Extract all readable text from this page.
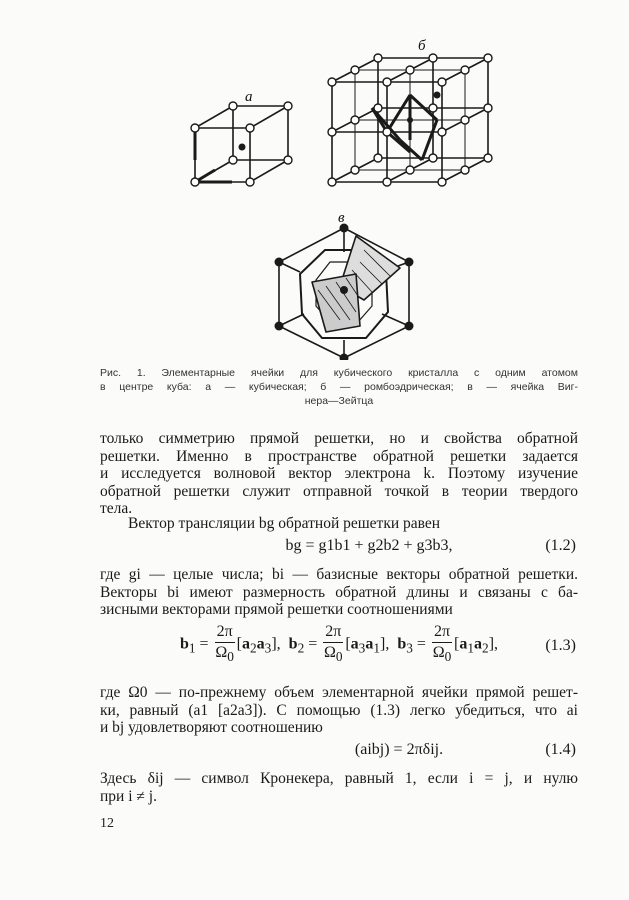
а
б
в
Рис. 1. Элементарные ячейки для кубического кристалла с одним атомом
в центре куба: а — кубическая; б — ромбоэдрическая; в — ячейка Виг-
нера—Зейтца
только симметрию прямой решетки, но и свойства обратной
решетки. Именно в пространстве обратной решетки задается
и исследуется волновой вектор электрона k. Поэтому изучение
обратной решетки служит отправной точкой в теории твердого
тела.
Вектор трансляции bg обратной решетки равен
bg = g1b1 + g2b2 + g3b3,	(1.2)
где gi — целые числа; bi — базисные векторы обратной решетки.
Векторы bi имеют размерность обратной длины и связаны с ба-
зисными векторами прямой решетки соотношениями
$b_1 = \frac{2\pi}{\Omega_0} [a_2a_3]$,  $b_2 = \frac{2\pi}{\Omega_0} [a_3a_1]$,  $b_3 = \frac{2\pi}{\Omega_0} [a_1a_2]$,	(1.3)
где Ω0 — по-прежнему объем элементарной ячейки прямой решет-
ки, равный (a1 [a2a3]). С помощью (1.3) легко убедиться, что ai
и bj удовлетворяют соотношению
(aibj) = 2πδij.	(1.4)
Здесь δij — символ Кронекера, равный 1, если i = j, и нулю
при i ≠ j.
12
